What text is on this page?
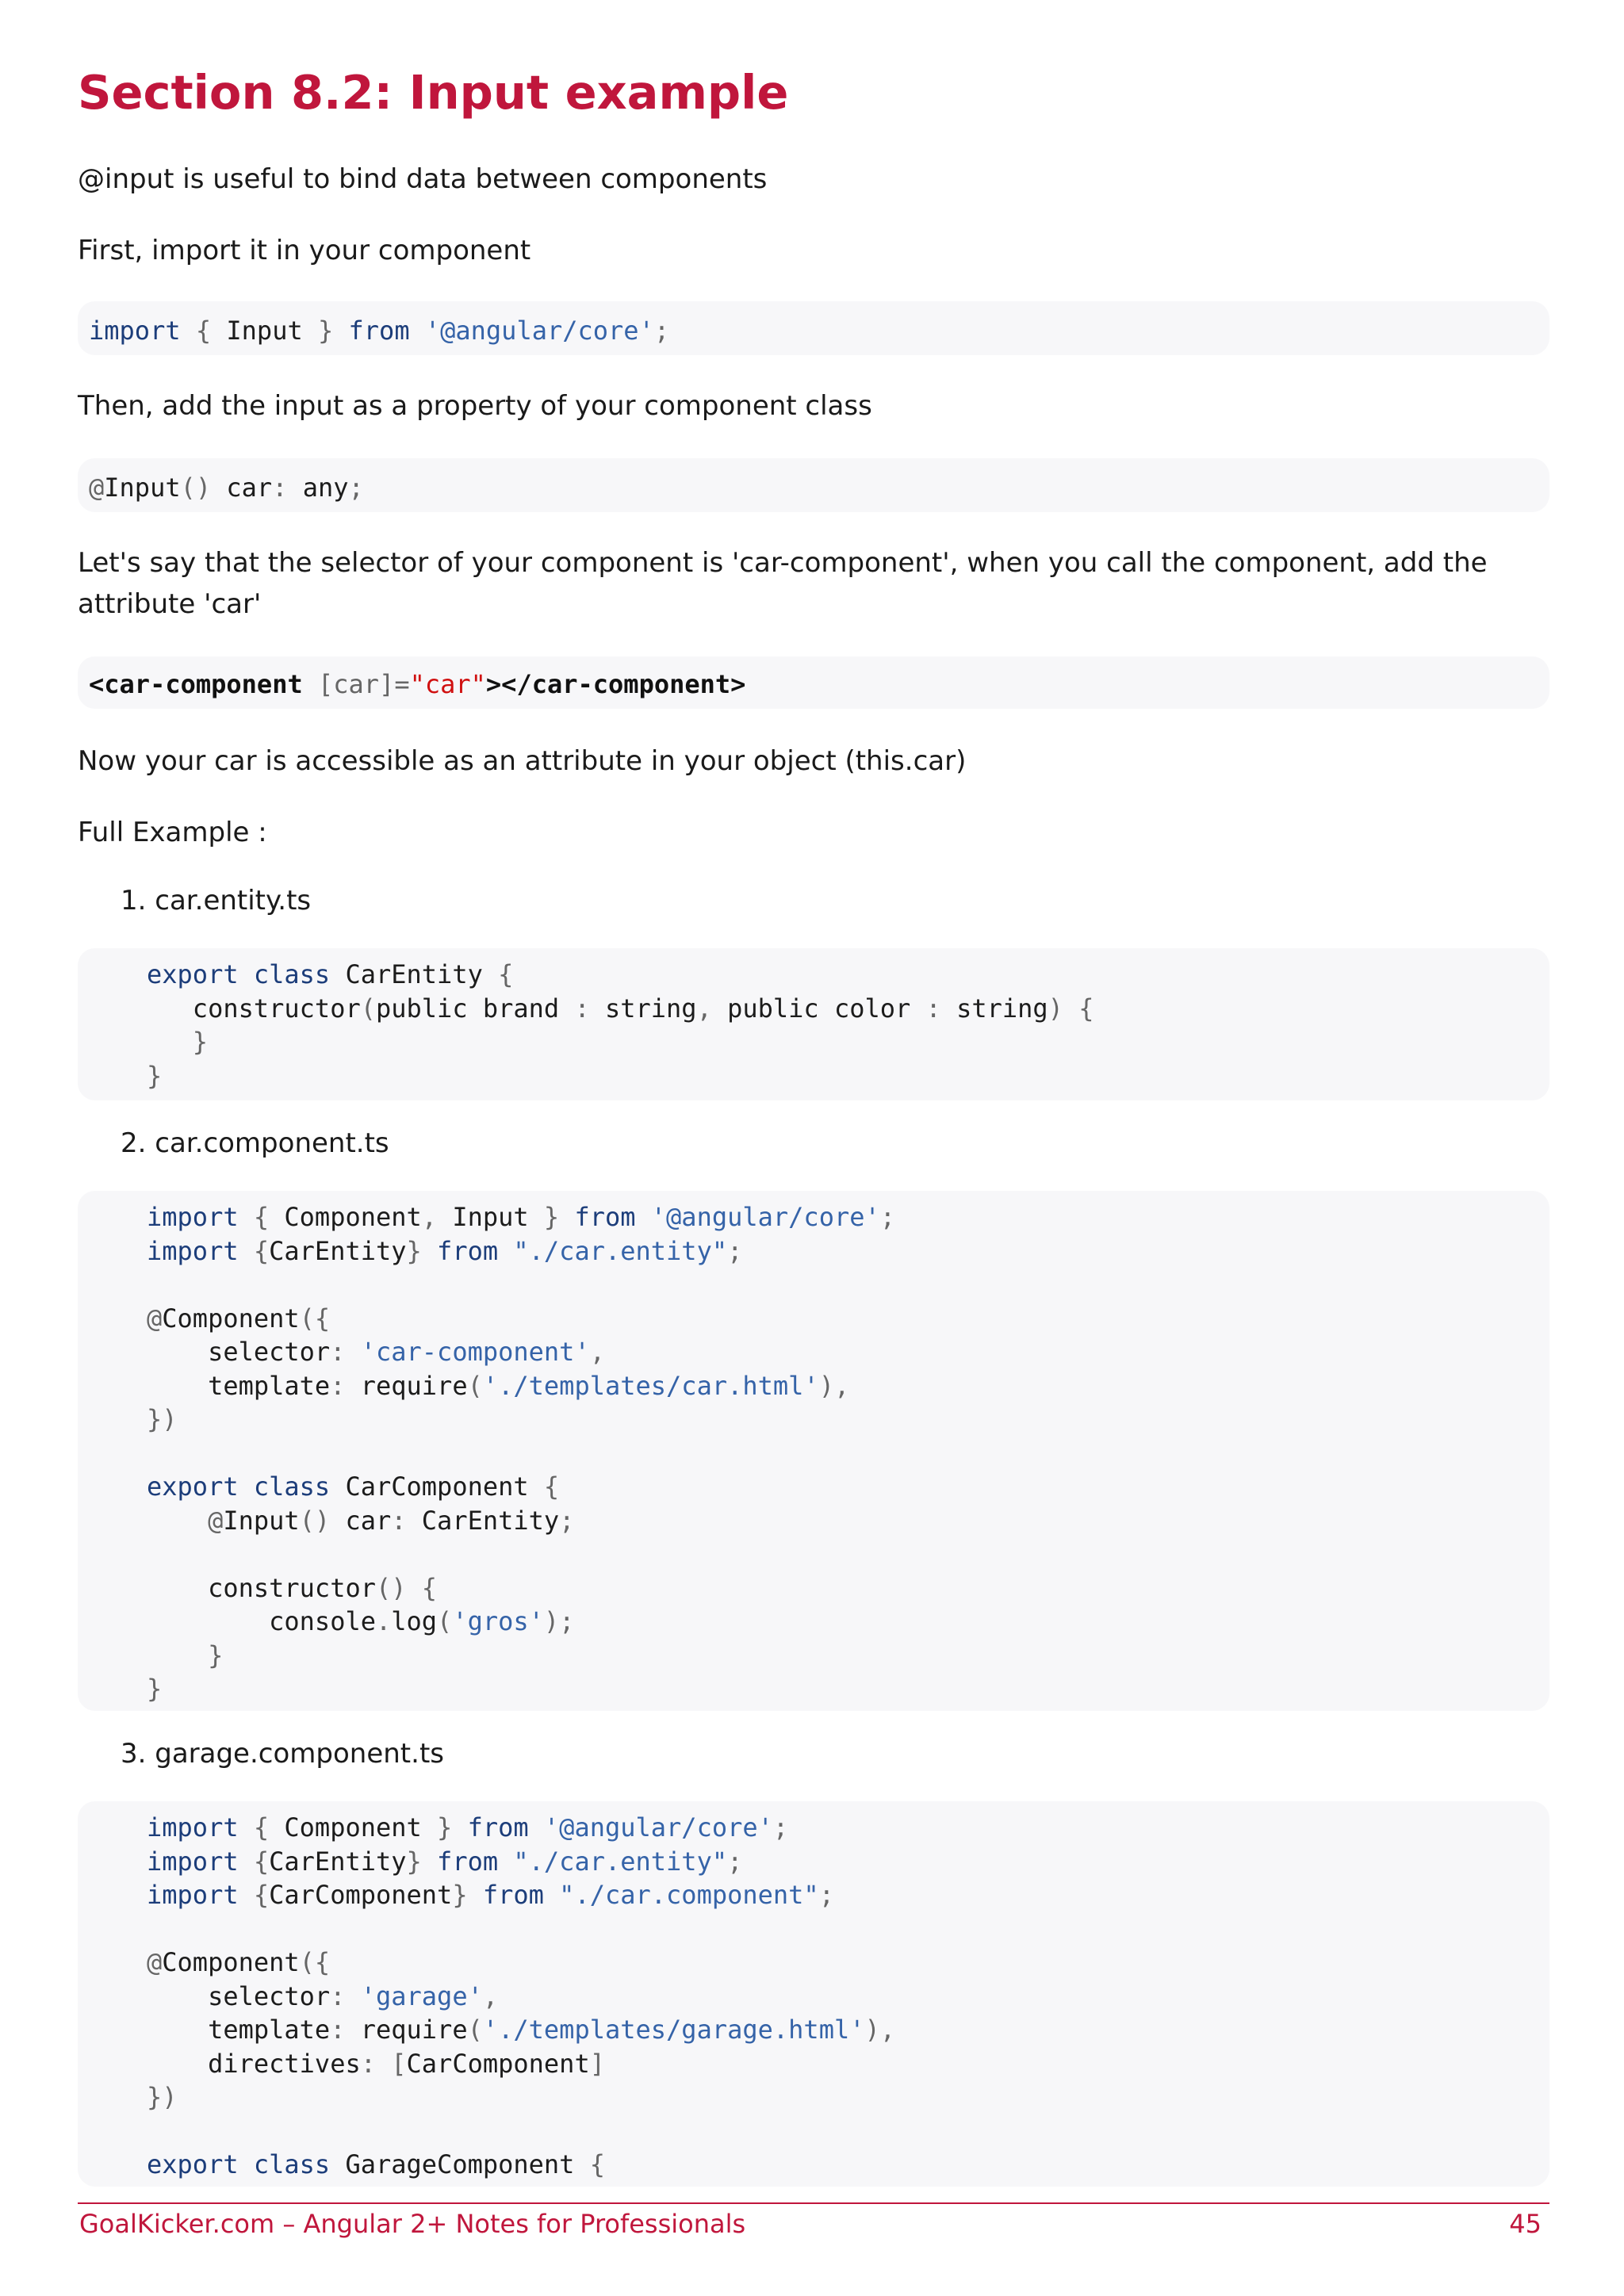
Section 8.2: Input example

@input is useful to bind data between components

First, import it in your component

import { Input } from '@angular/core';

Then, add the input as a property of your component class

@Input() car: any;

Let's say that the selector of your component is 'car-component', when you call the component, add the attribute 'car'

<car-component [car]="car"></car-component>

Now your car is accessible as an attribute in your object (this.car)

Full Example :

1. car.entity.ts

export class CarEntity {
constructor(public brand : string, public color : string) {
}
}

2. car.component.ts

import { Component, Input } from '@angular/core';
import {CarEntity} from "./car.entity";

@Component({
selector: 'car-component',
template: require('./templates/car.html'),
})

export class CarComponent {
@Input() car: CarEntity;

constructor() {
console.log('gros');
}
}

3. garage.component.ts

import { Component } from '@angular/core';
import {CarEntity} from "./car.entity";
import {CarComponent} from "./car.component";

@Component({
selector: 'garage',
template: require('./templates/garage.html'),
directives: [CarComponent]
})

export class GarageComponent {
GoalKicker.com – Angular 2+ Notes for Professionals	45
